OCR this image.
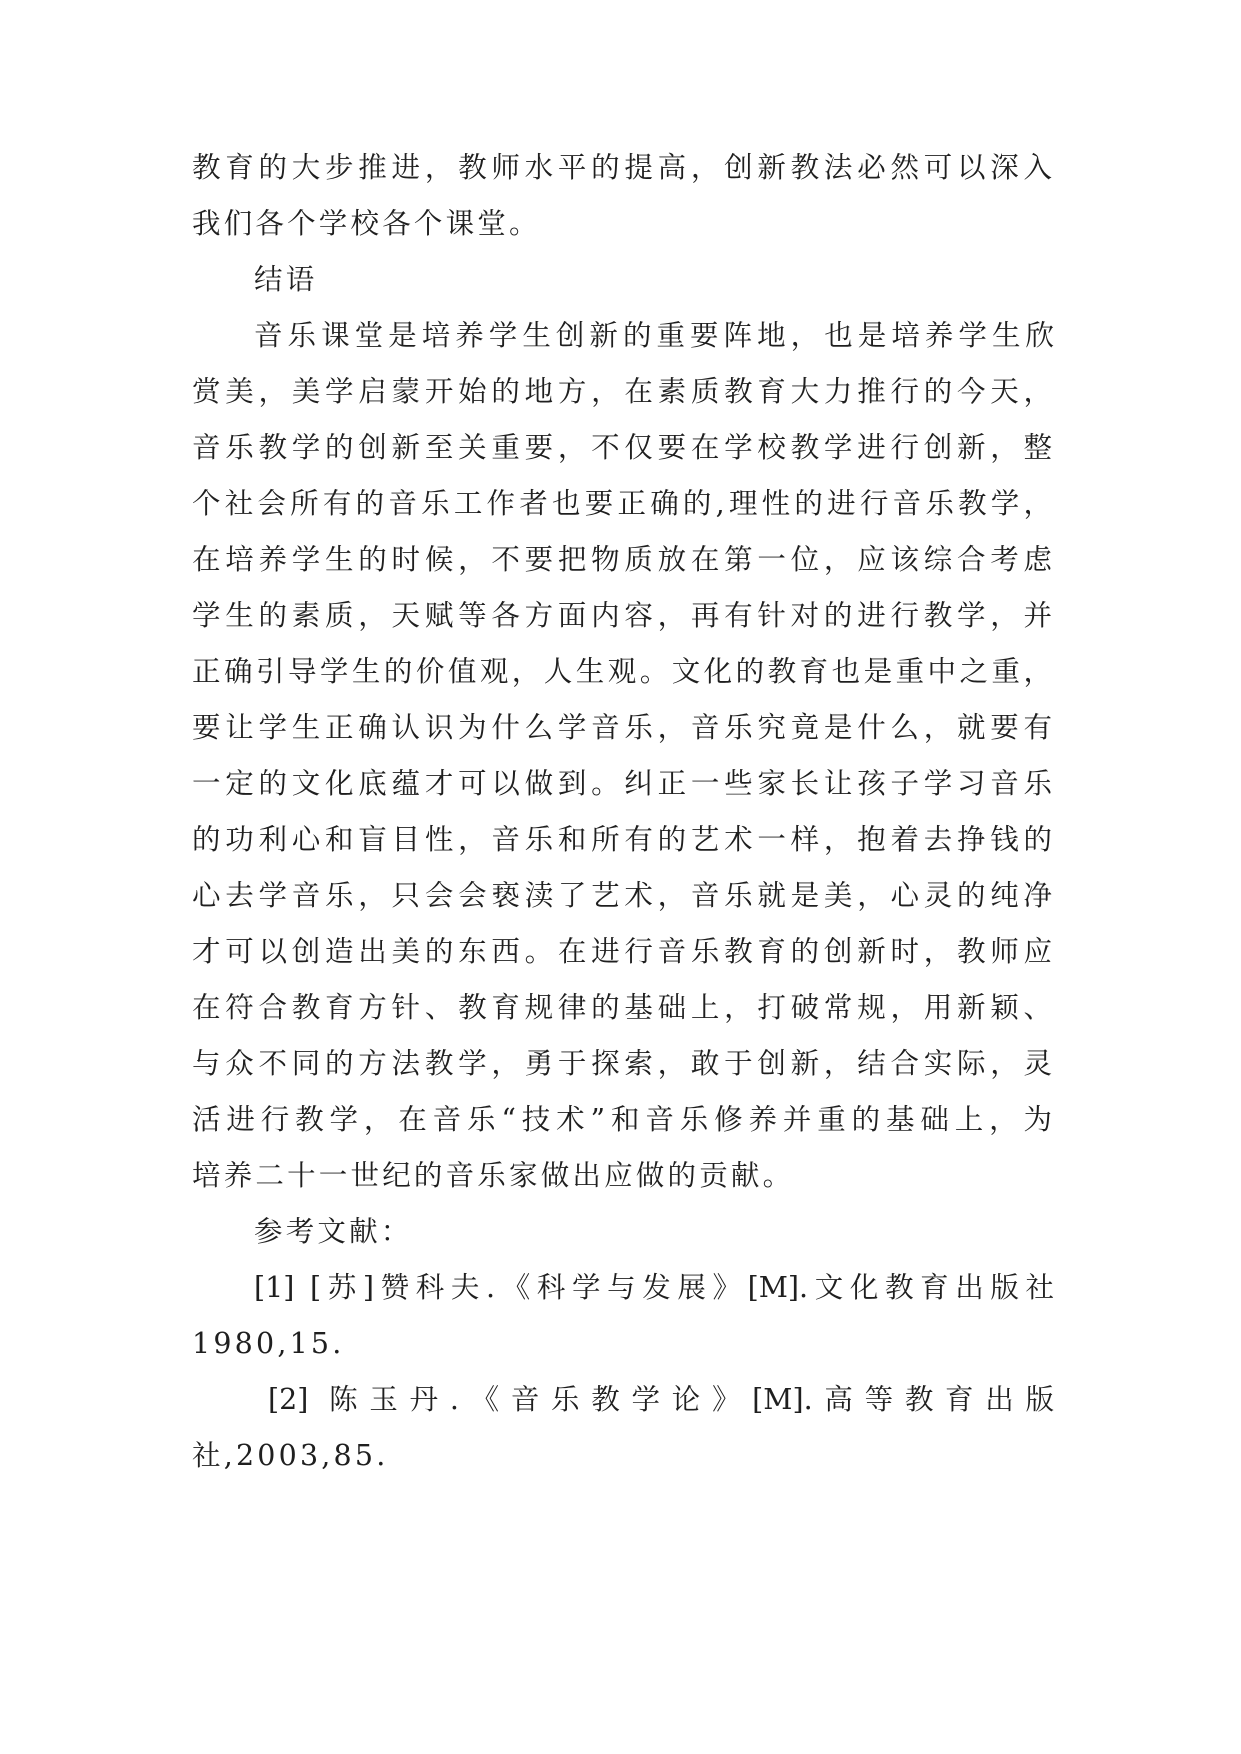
教育的大步推进，教师水平的提高，创新教法必然可以深入

我们各个学校各个课堂。

结语

音乐课堂是培养学生创新的重要阵地，也是培养学生欣

赏美，美学启蒙开始的地方，在素质教育大力推行的今天，

音乐教学的创新至关重要，不仅要在学校教学进行创新，整

个社会所有的音乐工作者也要正确的,理性的进行音乐教学，

在培养学生的时候，不要把物质放在第一位，应该综合考虑

学生的素质，天赋等各方面内容，再有针对的进行教学，并

正确引导学生的价值观，人生观。文化的教育也是重中之重，

要让学生正确认识为什么学音乐，音乐究竟是什么，就要有

一定的文化底蕴才可以做到。纠正一些家长让孩子学习音乐

的功利心和盲目性，音乐和所有的艺术一样，抱着去挣钱的

心去学音乐，只会会亵渎了艺术，音乐就是美，心灵的纯净

才可以创造出美的东西。在进行音乐教育的创新时，教师应

在符合教育方针、教育规律的基础上，打破常规，用新颖、

与众不同的方法教学，勇于探索，敢于创新，结合实际，灵

活进行教学，在音乐“技术”和音乐修养并重的基础上，为

培养二十一世纪的音乐家做出应做的贡献。

参考文献：

[1] [苏]赞科夫.《科学与发展》[M].文化教育出版社

1980,15.

[2] 陈玉丹.《音乐教学论》[M].高等教育出版

社,2003,85.
